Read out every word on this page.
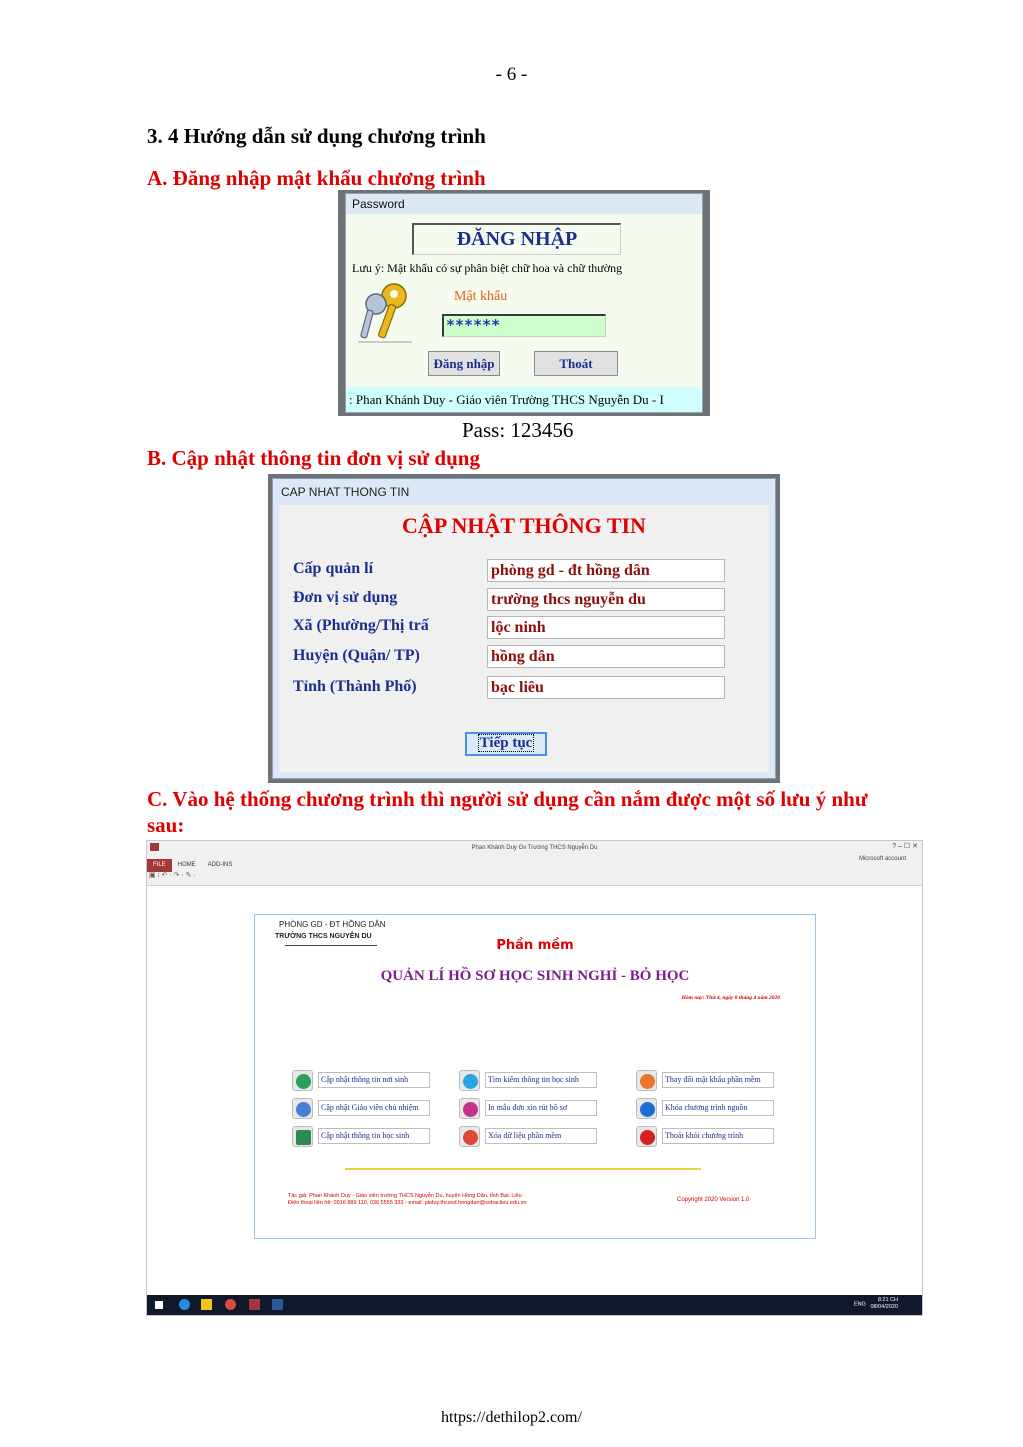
- 6 -
3. 4 Hướng dẫn sử dụng chương trình
A. Đăng nhập mật khẩu chương trình
Password
ĐĂNG NHẬP
Lưu ý: Mật khẩu có sự phân biệt chữ hoa và chữ thường
Mật khẩu
******
Đăng nhập	Thoát
: Phan Khánh Duy - Giáo viên Trường THCS Nguyễn Du - I
Pass: 123456
B. Cập nhật thông tin đơn vị sử dụng
CAP NHAT THONG TIN
CẬP NHẬT THÔNG TIN
Cấp quản lí	phòng gd - đt hồng dân
Đơn vị sử dụng	trường thcs nguyễn du
Xã (Phường/Thị trấ	lộc ninh
Huyện (Quận/ TP)	hồng dân
Tỉnh (Thành Phố)	bạc liêu
Tiếp tục
C. Vào hệ thống chương trình thì người sử dụng cần nắm được một số lưu ý như sau:
Phan Khánh Duy Gv Trường THCS Nguyễn Du	? – ☐ ✕
Microsoft account
FILE HOME ADD-INS
▣ ⁞ ↶ · ↷ · ✎ ·
PHÒNG GD - ĐT HỒNG DÂN
TRƯỜNG THCS NGUYỄN DU
Phần mềm
QUẢN LÍ HỒ SƠ HỌC SINH NGHỈ - BỎ HỌC
Hôm nay: Thứ 4, ngày 8 tháng 4 năm 2020
Cập nhật thông tin nơi sinh	Tìm kiếm thông tin học sinh	Thay đổi mật khẩu phần mềm
Cập nhật Giáo viên chủ nhiệm	In mẫu đơn xin rút hồ sơ	Khóa chương trình nguồn
Cập nhật thông tin học sinh	Xóa dữ liệu phần mềm	Thoát khỏi chương trình
Tác giả: Phan Khánh Duy - Giáo viên trường THCS Nguyễn Du, huyện Hồng Dân, tỉnh Bạc Liêu
Điện thoại liên hệ: 0916 889 110, 036 5555 333 - email: pkduy.thcsnd.hongdan@sobaclieu.edu.vn	Copyright 2020 Version 1.0
ENG
8:21 CH
08/04/2020
https://dethilop2.com/
